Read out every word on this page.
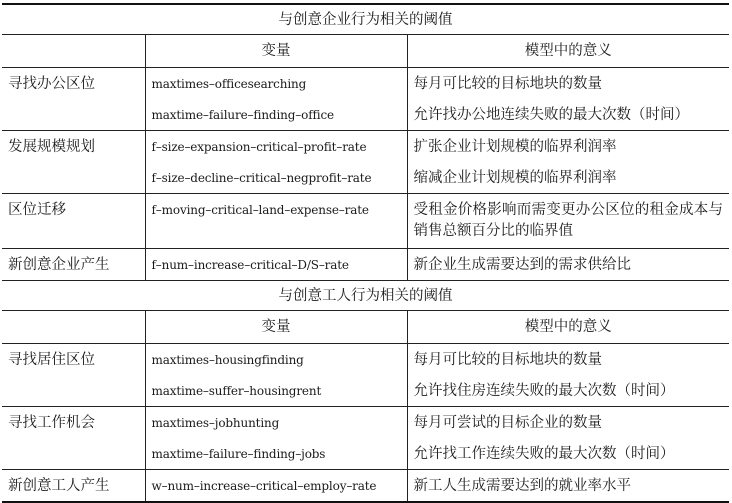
与创意企业行为相关的阈值		
	变量	模型中的意义
寻找办公区位	maxtimes–officesearching	每月可比较的目标地块的数量
	maxtime–failure–finding–office	允许找办公地连续失败的最大次数（时间）
发展规模规划	f–size–expansion–critical–profit–rate	扩张企业计划规模的临界利润率
	f–size–decline–critical–negprofit–rate	缩减企业计划规模的临界利润率
区位迁移	f–moving–critical–land–expense–rate	受租金价格影响而需变更办公区位的租金成本与销售总额百分比的临界值
新创意企业产生	f–num–increase–critical–D/S–rate	新企业生成需要达到的需求供给比
与创意工人行为相关的阈值		
	变量	模型中的意义
寻找居住区位	maxtimes–housingfinding	每月可比较的目标地块的数量
	maxtime–suffer–housingrent	允许找住房连续失败的最大次数（时间）
寻找工作机会	maxtimes–jobhunting	每月可尝试的目标企业的数量
	maxtime–failure–finding–jobs	允许找工作连续失败的最大次数（时间）
新创意工人产生	w–num–increase–critical–employ–rate	新工人生成需要达到的就业率水平
